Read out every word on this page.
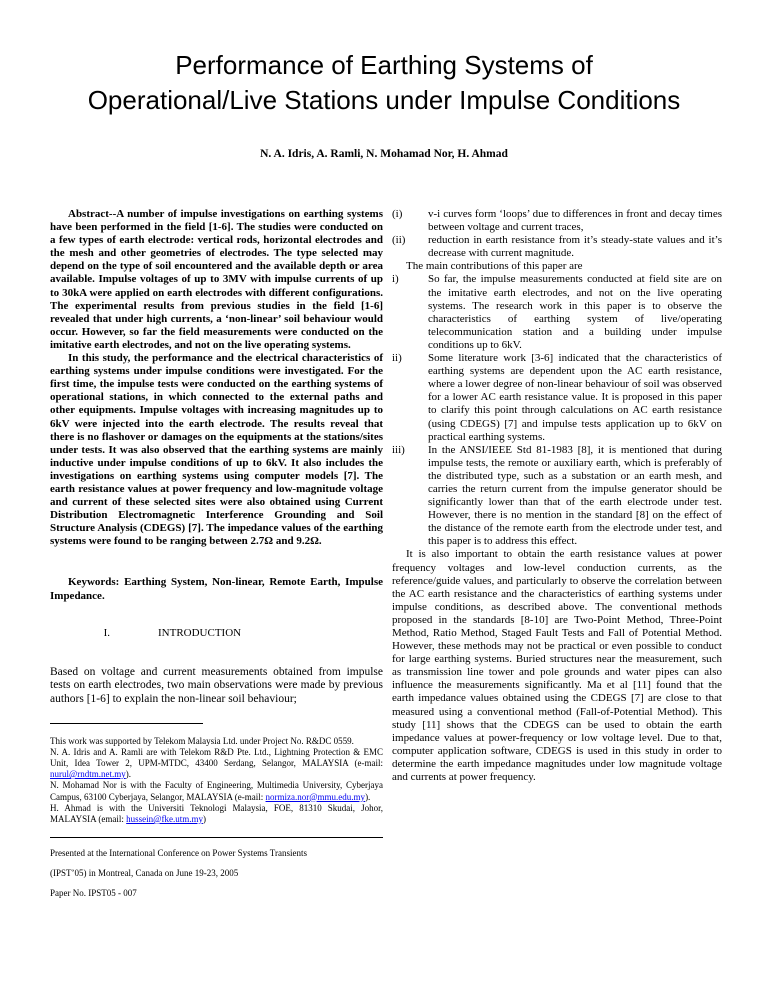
Performance of Earthing Systems of
Operational/Live Stations under Impulse Conditions
N. A. Idris, A. Ramli, N. Mohamad Nor, H. Ahmad

Abstract--A number of impulse investigations on earthing systems have been performed in the field [1-6]. The studies were conducted on a few types of earth electrode: vertical rods, horizontal electrodes and the mesh and other geometries of electrodes. The type selected may depend on the type of soil encountered and the available depth or area available. Impulse voltages of up to 3MV with impulse currents of up to 30kA were applied on earth electrodes with different configurations. The experimental results from previous studies in the field [1-6] revealed that under high currents, a ‘non-linear’ soil behaviour would occur. However, so far the field measurements were conducted on the imitative earth electrodes, and not on the live operating systems.

In this study, the performance and the electrical characteristics of earthing systems under impulse conditions were investigated. For the first time, the impulse tests were conducted on the earthing systems of operational stations, in which connected to the external paths and other equipments. Impulse voltages with increasing magnitudes up to 6kV were injected into the earth electrode. The results reveal that there is no flashover or damages on the equipments at the stations/sites under tests. It was also observed that the earthing systems are mainly inductive under impulse conditions of up to 6kV. It also includes the investigations on earthing systems using computer models [7]. The earth resistance values at power frequency and low-magnitude voltage and current of these selected sites were also obtained using Current Distribution Electromagnetic Interference Grounding and Soil Structure Analysis (CDEGS) [7]. The impedance values of the earthing systems were found to be ranging between 2.7Ω and 9.2Ω.

Keywords: Earthing System, Non-linear, Remote Earth, Impulse Impedance.

I.	INTRODUCTION

Based on voltage and current measurements obtained from impulse tests on earth electrodes, two main observations were made by previous authors [1-6] to explain the non-linear soil behaviour;

This work was supported by Telekom Malaysia Ltd. under Project No. R&DC 0559.

N. A. Idris and A. Ramli are with Telekom R&D Pte. Ltd., Lightning Protection & EMC Unit, Idea Tower 2, UPM-MTDC, 43400 Serdang, Selangor, MALAYSIA (e-mail: nurul@rndtm.net.my).

N. Mohamad Nor is with the Faculty of Engineering, Multimedia University, Cyberjaya Campus, 63100 Cyberjaya, Selangor, MALAYSIA (e-mail: normiza.nor@mmu.edu.my).

H. Ahmad is with the Universiti Teknologi Malaysia, FOE, 81310 Skudai, Johor, MALAYSIA (email: hussein@fke.utm.my)

Presented at the International Conference on Power Systems Transients

(IPST’05) in Montreal, Canada on June 19-23, 2005

Paper No. IPST05 - 007

(i)	v-i curves form ‘loops’ due to differences in front and decay times between voltage and current traces,
(ii)	reduction in earth resistance from it’s steady-state values and it’s decrease with current magnitude.

The main contributions of this paper are

i)	So far, the impulse measurements conducted at field site are on the imitative earth electrodes, and not on the live operating systems. The research work in this paper is to observe the characteristics of earthing system of live/operating telecommunication station and a building under impulse conditions up to 6kV.
ii)	Some literature work [3-6] indicated that the characteristics of earthing systems are dependent upon the AC earth resistance, where a lower degree of non-linear behaviour of soil was observed for a lower AC earth resistance value. It is proposed in this paper to clarify this point through calculations on AC earth resistance (using CDEGS) [7] and impulse tests application up to 6kV on practical earthing systems.
iii)	In the ANSI/IEEE Std 81-1983 [8], it is mentioned that during impulse tests, the remote or auxiliary earth, which is preferably of the distributed type, such as a substation or an earth mesh, and carries the return current from the impulse generator should be significantly lower than that of the earth electrode under test. However, there is no mention in the standard [8] on the effect of the distance of the remote earth from the electrode under test, and this paper is to address this effect.

It is also important to obtain the earth resistance values at power frequency voltages and low-level conduction currents, as the reference/guide values, and particularly to observe the correlation between the AC earth resistance and the characteristics of earthing systems under impulse conditions, as described above. The conventional methods proposed in the standards [8-10] are Two-Point Method, Three-Point Method, Ratio Method, Staged Fault Tests and Fall of Potential Method. However, these methods may not be practical or even possible to conduct for large earthing systems. Buried structures near the measurement, such as transmission line tower and pole grounds and water pipes can also influence the measurements significantly. Ma et al [11] found that the earth impedance values obtained using the CDEGS [7] are close to that measured using a conventional method (Fall-of-Potential Method). This study [11] shows that the CDEGS can be used to obtain the earth impedance values at power-frequency or low voltage level. Due to that, computer application software, CDEGS is used in this study in order to determine the earth impedance magnitudes under low magnitude voltage and currents at power frequency.
